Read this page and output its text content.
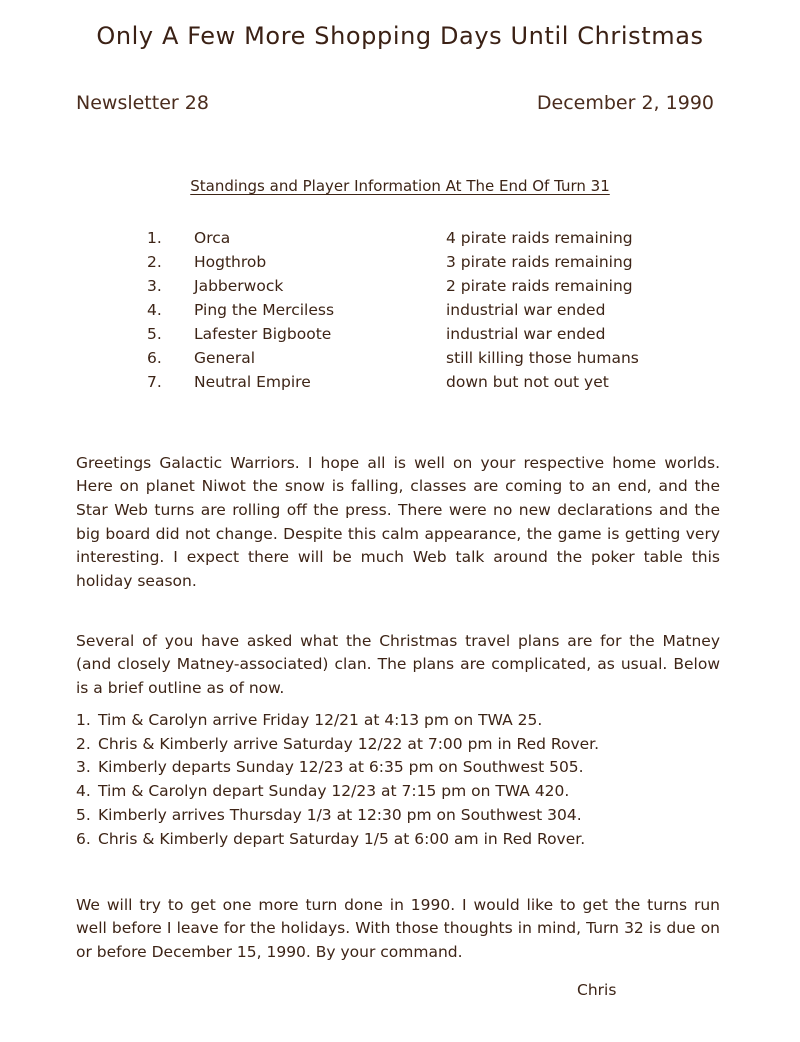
Only A Few More Shopping Days Until Christmas
Newsletter 28	December 2, 1990
Standings and Player Information At The End Of Turn 31
1.	Orca	4 pirate raids remaining
2.	Hogthrob	3 pirate raids remaining
3.	Jabberwock	2 pirate raids remaining
4.	Ping the Merciless	industrial war ended
5.	Lafester Bigboote	industrial war ended
6.	General	still killing those humans
7.	Neutral Empire	down but not out yet

Greetings Galactic Warriors. I hope all is well on your respective home worlds. Here on planet Niwot the snow is falling, classes are coming to an end, and the Star Web turns are rolling off the press. There were no new declarations and the big board did not change. Despite this calm appearance, the game is getting very interesting. I expect there will be much Web talk around the poker table this holiday season.

Several of you have asked what the Christmas travel plans are for the Matney (and closely Matney-associated) clan. The plans are complicated, as usual. Below is a brief outline as of now.

1. Tim & Carolyn arrive Friday 12/21 at 4:13 pm on TWA 25.
2. Chris & Kimberly arrive Saturday 12/22 at 7:00 pm in Red Rover.
3. Kimberly departs Sunday 12/23 at 6:35 pm on Southwest 505.
4. Tim & Carolyn depart Sunday 12/23 at 7:15 pm on TWA 420.
5. Kimberly arrives Thursday 1/3 at 12:30 pm on Southwest 304.
6. Chris & Kimberly depart Saturday 1/5 at 6:00 am in Red Rover.

We will try to get one more turn done in 1990. I would like to get the turns run well before I leave for the holidays. With those thoughts in mind, Turn 32 is due on or before December 15, 1990. By your command.

Chris
